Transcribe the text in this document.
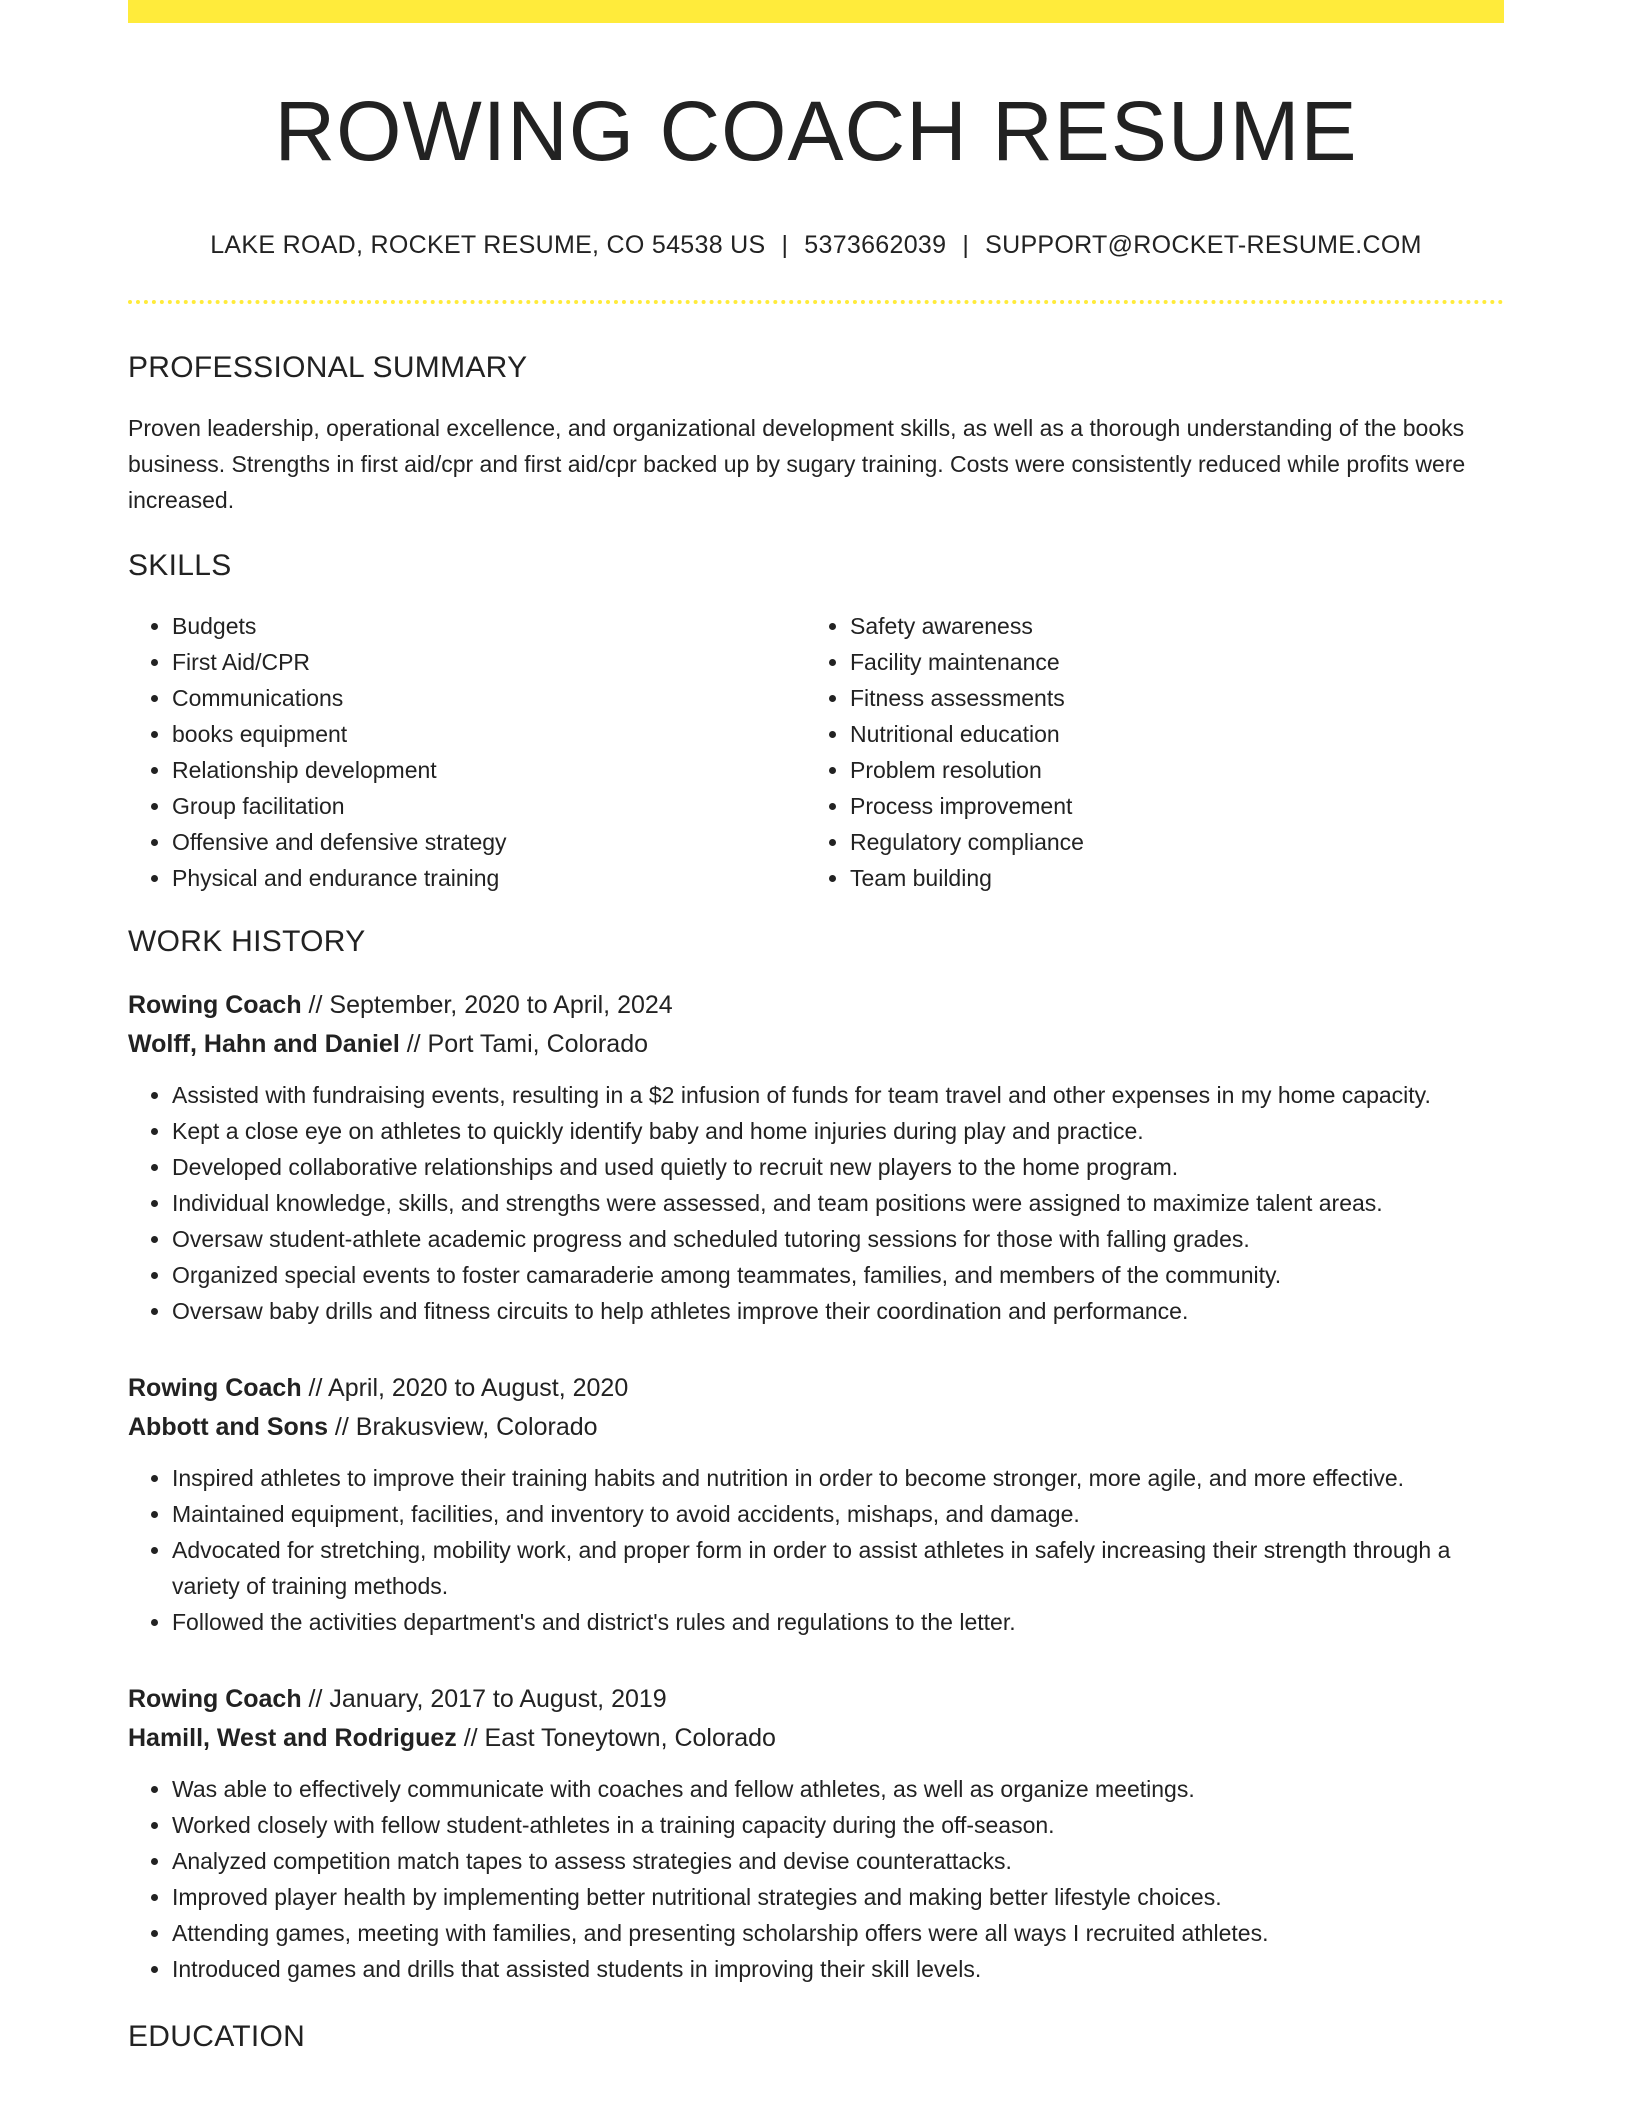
ROWING COACH RESUME
LAKE ROAD, ROCKET RESUME, CO 54538 US | 5373662039 | SUPPORT@ROCKET-RESUME.COM
PROFESSIONAL SUMMARY

Proven leadership, operational excellence, and organizational development skills, as well as a thorough understanding of the books business. Strengths in first aid/cpr and first aid/cpr backed up by sugary training. Costs were consistently reduced while profits were increased.

SKILLS
• Budgets
• First Aid/CPR
• Communications
• books equipment
• Relationship development
• Group facilitation
• Offensive and defensive strategy
• Physical and endurance training
• Safety awareness
• Facility maintenance
• Fitness assessments
• Nutritional education
• Problem resolution
• Process improvement
• Regulatory compliance
• Team building
WORK HISTORY
Rowing Coach // September, 2020 to April, 2024
Wolff, Hahn and Daniel // Port Tami, Colorado
• Assisted with fundraising events, resulting in a $2 infusion of funds for team travel and other expenses in my home capacity.
• Kept a close eye on athletes to quickly identify baby and home injuries during play and practice.
• Developed collaborative relationships and used quietly to recruit new players to the home program.
• Individual knowledge, skills, and strengths were assessed, and team positions were assigned to maximize talent areas.
• Oversaw student-athlete academic progress and scheduled tutoring sessions for those with falling grades.
• Organized special events to foster camaraderie among teammates, families, and members of the community.
• Oversaw baby drills and fitness circuits to help athletes improve their coordination and performance.
Rowing Coach // April, 2020 to August, 2020
Abbott and Sons // Brakusview, Colorado
• Inspired athletes to improve their training habits and nutrition in order to become stronger, more agile, and more effective.
• Maintained equipment, facilities, and inventory to avoid accidents, mishaps, and damage.
• Advocated for stretching, mobility work, and proper form in order to assist athletes in safely increasing their strength through a variety of training methods.
• Followed the activities department's and district's rules and regulations to the letter.
Rowing Coach // January, 2017 to August, 2019
Hamill, West and Rodriguez // East Toneytown, Colorado
• Was able to effectively communicate with coaches and fellow athletes, as well as organize meetings.
• Worked closely with fellow student-athletes in a training capacity during the off-season.
• Analyzed competition match tapes to assess strategies and devise counterattacks.
• Improved player health by implementing better nutritional strategies and making better lifestyle choices.
• Attending games, meeting with families, and presenting scholarship offers were all ways I recruited athletes.
• Introduced games and drills that assisted students in improving their skill levels.
EDUCATION
